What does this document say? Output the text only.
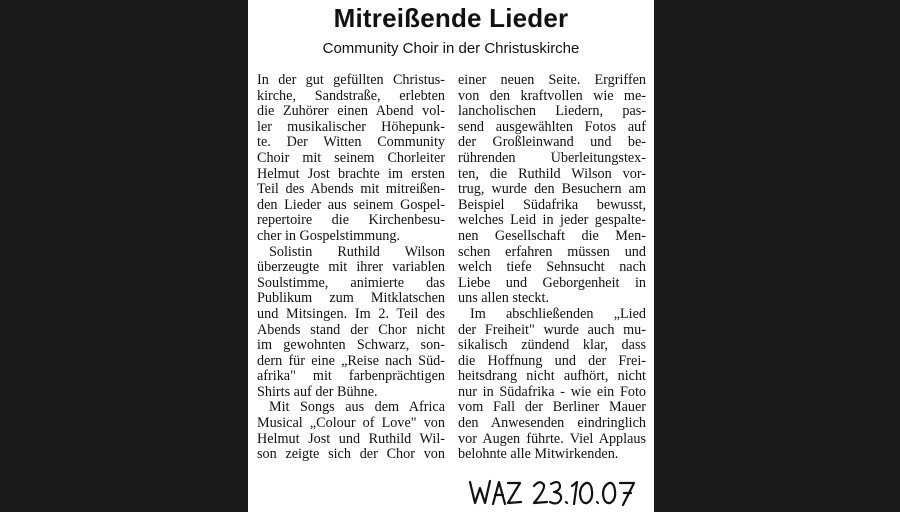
Mitreißende Lieder
Community Choir in der Christuskirche
In der gut gefüllten Christus-
kirche, Sandstraße, erlebten
die Zuhörer einen Abend vol-
ler musikalischer Höhepunk-
te. Der Witten Community
Choir mit seinem Chorleiter
Helmut Jost brachte im ersten
Teil des Abends mit mitreißen-
den Lieder aus seinem Gospel-
repertoire die Kirchenbesu-
cher in Gospelstimmung.
Solistin Ruthild Wilson
überzeugte mit ihrer variablen
Soulstimme, animierte das
Publikum zum Mitklatschen
und Mitsingen. Im 2. Teil des
Abends stand der Chor nicht
im gewohnten Schwarz, son-
dern für eine „Reise nach Süd-
afrika" mit farbenprächtigen
Shirts auf der Bühne.
Mit Songs aus dem Africa
Musical „Colour of Love" von
Helmut Jost und Ruthild Wil-
son zeigte sich der Chor von
einer neuen Seite. Ergriffen
von den kraftvollen wie me-
lancholischen Liedern, pas-
send ausgewählten Fotos auf
der Großleinwand und be-
rührenden Überleitungstex-
ten, die Ruthild Wilson vor-
trug, wurde den Besuchern am
Beispiel Südafrika bewusst,
welches Leid in jeder gespalte-
nen Gesellschaft die Men-
schen erfahren müssen und
welch tiefe Sehnsucht nach
Liebe und Geborgenheit in
uns allen steckt.
Im abschließenden „Lied
der Freiheit" wurde auch mu-
sikalisch zündend klar, dass
die Hoffnung und der Frei-
heitsdrang nicht aufhört, nicht
nur in Südafrika - wie ein Foto
vom Fall der Berliner Mauer
den Anwesenden eindringlich
vor Augen führte. Viel Applaus
belohnte alle Mitwirkenden.
